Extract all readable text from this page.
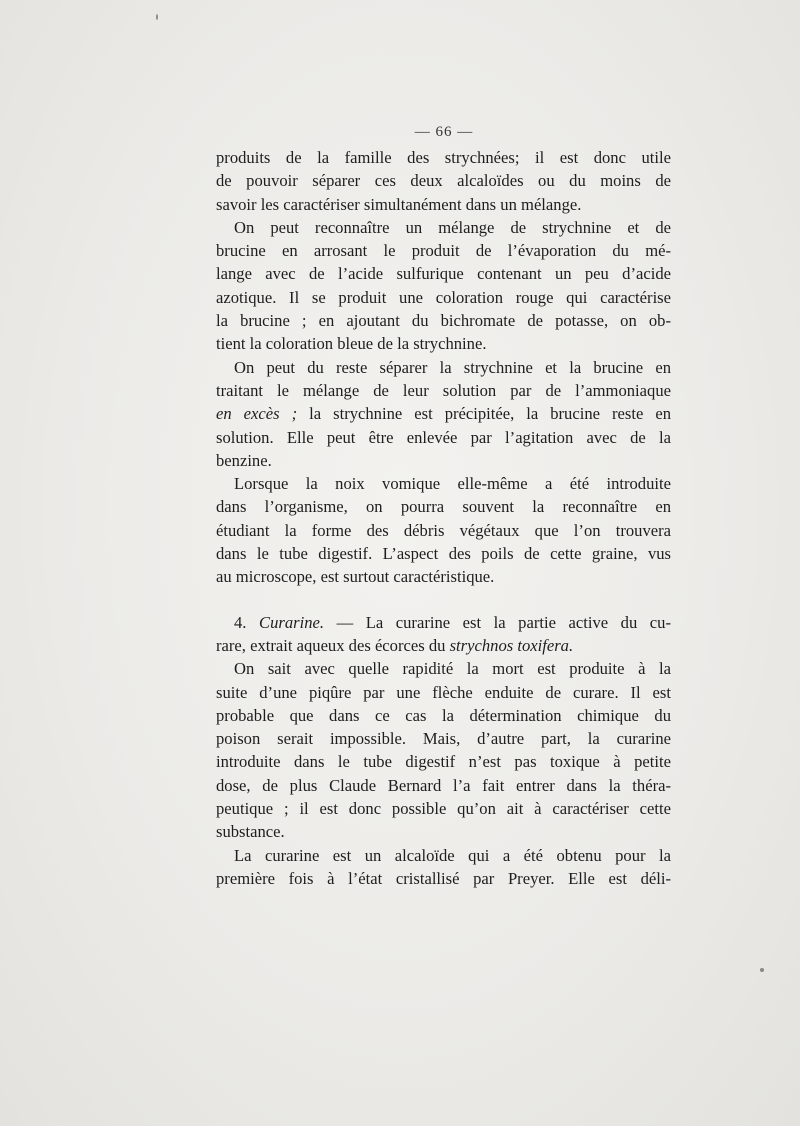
— 66 —

produits de la famille des strychnées; il est donc utile

de pouvoir séparer ces deux alcaloïdes ou du moins de

savoir les caractériser simultanément dans un mélange.

On peut reconnaître un mélange de strychnine et de

brucine en arrosant le produit de l’évaporation du mé-

lange avec de l’acide sulfurique contenant un peu d’acide

azotique. Il se produit une coloration rouge qui caractérise

la brucine ; en ajoutant du bichromate de potasse, on ob-

tient la coloration bleue de la strychnine.

On peut du reste séparer la strychnine et la brucine en

traitant le mélange de leur solution par de l’ammoniaque

en excès ; la strychnine est précipitée, la brucine reste en

solution. Elle peut être enlevée par l’agitation avec de la

benzine.

Lorsque la noix vomique elle-même a été introduite

dans l’organisme, on pourra souvent la reconnaître en

étudiant la forme des débris végétaux que l’on trouvera

dans le tube digestif. L’aspect des poils de cette graine, vus

au microscope, est surtout caractéristique.

4. Curarine. — La curarine est la partie active du cu-

rare, extrait aqueux des écorces du strychnos toxifera.

On sait avec quelle rapidité la mort est produite à la

suite d’une piqûre par une flèche enduite de curare. Il est

probable que dans ce cas la détermination chimique du

poison serait impossible. Mais, d’autre part, la curarine

introduite dans le tube digestif n’est pas toxique à petite

dose, de plus Claude Bernard l’a fait entrer dans la théra-

peutique ; il est donc possible qu’on ait à caractériser cette

substance.

La curarine est un alcaloïde qui a été obtenu pour la

première fois à l’état cristallisé par Preyer. Elle est déli-
